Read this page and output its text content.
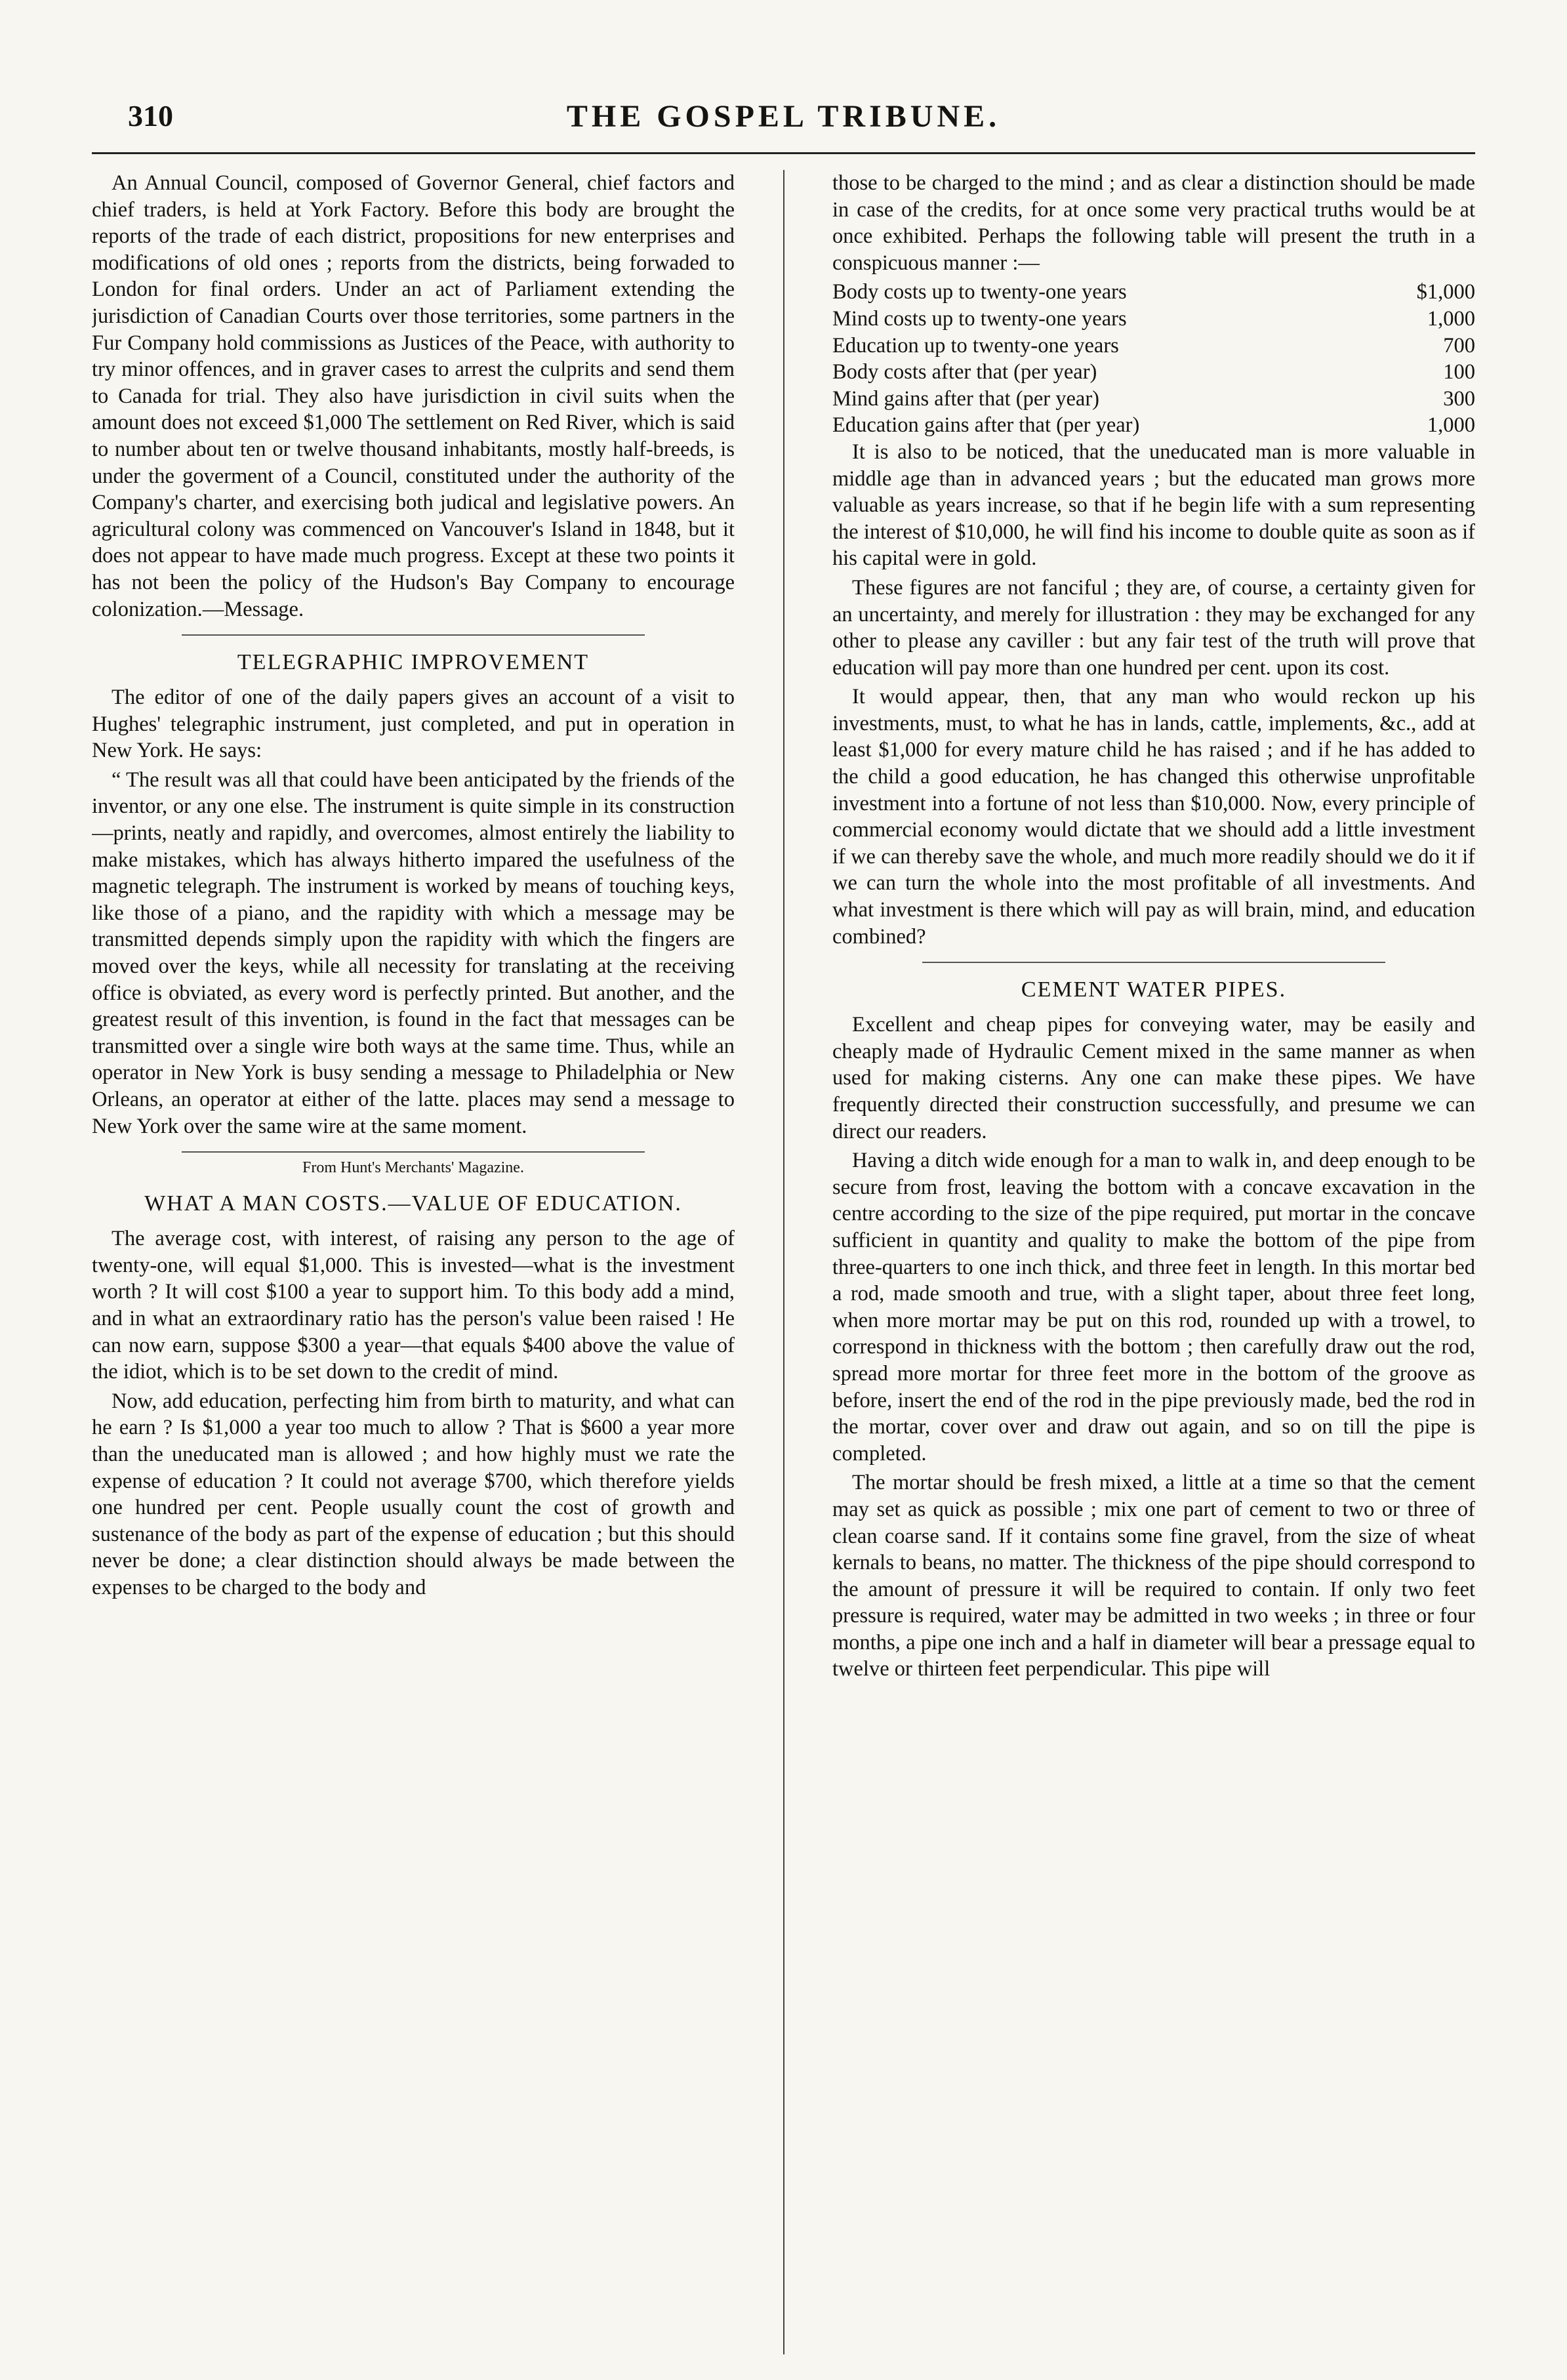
310	THE GOSPEL TRIBUNE.

An Annual Council, composed of Governor General, chief factors and chief traders, is held at York Factory. Before this body are brought the reports of the trade of each district, propositions for new enterprises and modifications of old ones ; reports from the districts, being forwaded to London for final orders. Under an act of Parliament extending the jurisdiction of Canadian Courts over those territories, some partners in the Fur Company hold commissions as Justices of the Peace, with authority to try minor offences, and in graver cases to arrest the culprits and send them to Canada for trial. They also have jurisdiction in civil suits when the amount does not exceed $1,000 The settlement on Red River, which is said to number about ten or twelve thousand inhabitants, mostly half-breeds, is under the goverment of a Council, constituted under the authority of the Company's charter, and exercising both judical and legislative powers. An agricultural colony was commenced on Vancouver's Island in 1848, but it does not appear to have made much progress. Except at these two points it has not been the policy of the Hudson's Bay Company to encourage colonization.—Message.

TELEGRAPHIC IMPROVEMENT

The editor of one of the daily papers gives an account of a visit to Hughes' telegraphic instrument, just completed, and put in operation in New York. He says:

“ The result was all that could have been anticipated by the friends of the inventor, or any one else. The instrument is quite simple in its construction—prints, neatly and rapidly, and overcomes, almost entirely the liability to make mistakes, which has always hitherto impared the usefulness of the magnetic telegraph. The instrument is worked by means of touching keys, like those of a piano, and the rapidity with which a message may be transmitted depends simply upon the rapidity with which the fingers are moved over the keys, while all necessity for translating at the receiving office is obviated, as every word is perfectly printed. But another, and the greatest result of this invention, is found in the fact that messages can be transmitted over a single wire both ways at the same time. Thus, while an operator in New York is busy sending a message to Philadelphia or New Orleans, an operator at either of the latte. places may send a message to New York over the same wire at the same moment.

From Hunt's Merchants' Magazine.
WHAT A MAN COSTS.—VALUE OF EDUCATION.

The average cost, with interest, of raising any person to the age of twenty-one, will equal $1,000. This is invested—what is the investment worth ? It will cost $100 a year to support him. To this body add a mind, and in what an extraordinary ratio has the person's value been raised ! He can now earn, suppose $300 a year—that equals $400 above the value of the idiot, which is to be set down to the credit of mind.

Now, add education, perfecting him from birth to maturity, and what can he earn ? Is $1,000 a year too much to allow ? That is $600 a year more than the uneducated man is allowed ; and how highly must we rate the expense of education ? It could not average $700, which therefore yields one hundred per cent. People usually count the cost of growth and sustenance of the body as part of the expense of education ; but this should never be done; a clear distinction should always be made between the expenses to be charged to the body and

those to be charged to the mind ; and as clear a distinction should be made in case of the credits, for at once some very practical truths would be at once exhibited. Perhaps the following table will present the truth in a conspicuous manner :—

Body costs up to twenty-one years	$1,000
Mind costs up to twenty-one years	1,000
Education up to twenty-one years	700
Body costs after that (per year)	100
Mind gains after that (per year)	300
Education gains after that (per year)	1,000

It is also to be noticed, that the uneducated man is more valuable in middle age than in advanced years ; but the educated man grows more valuable as years increase, so that if he begin life with a sum representing the interest of $10,000, he will find his income to double quite as soon as if his capital were in gold.

These figures are not fanciful ; they are, of course, a certainty given for an uncertainty, and merely for illustration : they may be exchanged for any other to please any caviller : but any fair test of the truth will prove that education will pay more than one hundred per cent. upon its cost.

It would appear, then, that any man who would reckon up his investments, must, to what he has in lands, cattle, implements, &c., add at least $1,000 for every mature child he has raised ; and if he has added to the child a good education, he has changed this otherwise unprofitable investment into a fortune of not less than $10,000. Now, every principle of commercial economy would dictate that we should add a little investment if we can thereby save the whole, and much more readily should we do it if we can turn the whole into the most profitable of all investments. And what investment is there which will pay as will brain, mind, and education combined?

CEMENT WATER PIPES.

Excellent and cheap pipes for conveying water, may be easily and cheaply made of Hydraulic Cement mixed in the same manner as when used for making cisterns. Any one can make these pipes. We have frequently directed their construction successfully, and presume we can direct our readers.

Having a ditch wide enough for a man to walk in, and deep enough to be secure from frost, leaving the bottom with a concave excavation in the centre according to the size of the pipe required, put mortar in the concave sufficient in quantity and quality to make the bottom of the pipe from three-quarters to one inch thick, and three feet in length. In this mortar bed a rod, made smooth and true, with a slight taper, about three feet long, when more mortar may be put on this rod, rounded up with a trowel, to correspond in thickness with the bottom ; then carefully draw out the rod, spread more mortar for three feet more in the bottom of the groove as before, insert the end of the rod in the pipe previously made, bed the rod in the mortar, cover over and draw out again, and so on till the pipe is completed.

The mortar should be fresh mixed, a little at a time so that the cement may set as quick as possible ; mix one part of cement to two or three of clean coarse sand. If it contains some fine gravel, from the size of wheat kernals to beans, no matter. The thickness of the pipe should correspond to the amount of pressure it will be required to contain. If only two feet pressure is required, water may be admitted in two weeks ; in three or four months, a pipe one inch and a half in diameter will bear a pressage equal to twelve or thirteen feet perpendicular. This pipe will
